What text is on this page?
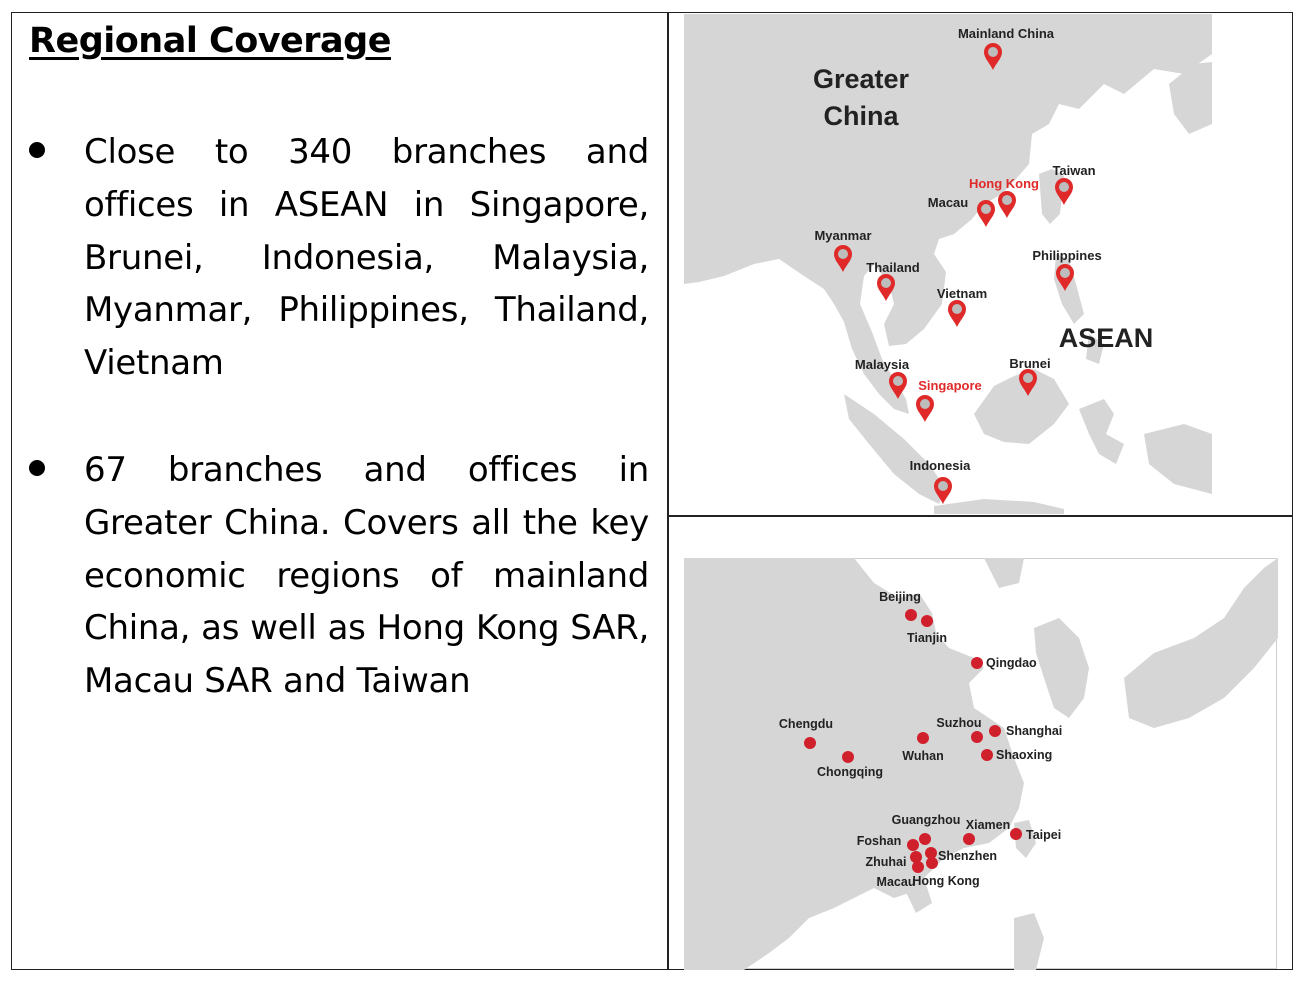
Regional Coverage
Close to 340 branches and offices in ASEAN in Singapore, Brunei, Indonesia, Malaysia, Myanmar, Philippines, Thailand, Vietnam
67 branches and offices in Greater China. Covers all the key economic regions of mainland China, as well as Hong Kong SAR, Macau SAR and Taiwan
Greater
China
ASEAN
Mainland China
Hong Kong
Taiwan
Macau
Myanmar
Philippines
Thailand
Vietnam
Malaysia
Singapore
Brunei
Indonesia
Beijing
Tianjin
Qingdao
Chengdu	Suzhou
Shanghai
Wuhan	Shaoxing
Chongqing
Guangzhou Xiamen
Taipei
Foshan
Shenzhen
Zhuhai
Macau
Hong Kong
